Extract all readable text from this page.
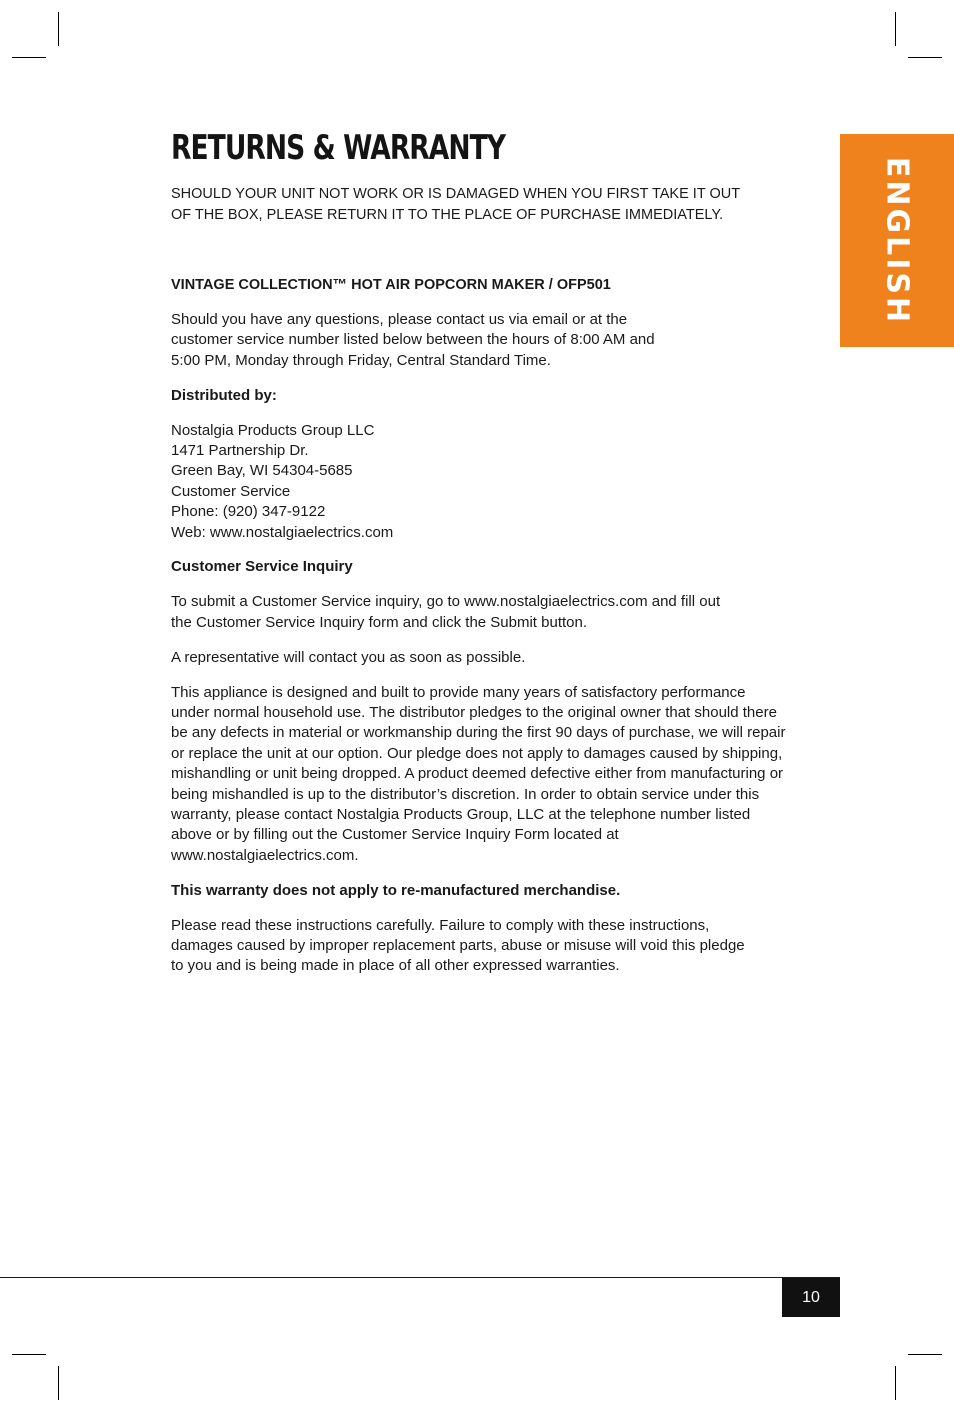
RETURNS & WARRANTY

SHOULD YOUR UNIT NOT WORK OR IS DAMAGED WHEN YOU FIRST TAKE IT OUT
OF THE BOX, PLEASE RETURN IT TO THE PLACE OF PURCHASE IMMEDIATELY.

VINTAGE COLLECTION™ HOT AIR POPCORN MAKER / OFP501

Should you have any questions, please contact us via email or at the customer service number listed below between the hours of 8:00 AM and 5:00 PM, Monday through Friday, Central Standard Time.

Distributed by:

Nostalgia Products Group LLC
1471 Partnership Dr.
Green Bay, WI 54304-5685
Customer Service
Phone: (920) 347-9122
Web: www.nostalgiaelectrics.com

Customer Service Inquiry

To submit a Customer Service inquiry, go to www.nostalgiaelectrics.com and fill out the Customer Service Inquiry form and click the Submit button.

A representative will contact you as soon as possible.

This appliance is designed and built to provide many years of satisfactory performance under normal household use. The distributor pledges to the original owner that should there be any defects in material or workmanship during the first 90 days of purchase, we will repair or replace the unit at our option. Our pledge does not apply to damages caused by shipping, mishandling or unit being dropped. A product deemed defective either from manufacturing or being mishandled is up to the distributor’s discretion. In order to obtain service under this warranty, please contact Nostalgia Products Group, LLC at the telephone number listed above or by filling out the Customer Service Inquiry Form located at www.nostalgiaelectrics.com.

This warranty does not apply to re-manufactured merchandise.

Please read these instructions carefully. Failure to comply with these instructions, damages caused by improper replacement parts, abuse or misuse will void this pledge to you and is being made in place of all other expressed warranties.

ENGLISH
10
